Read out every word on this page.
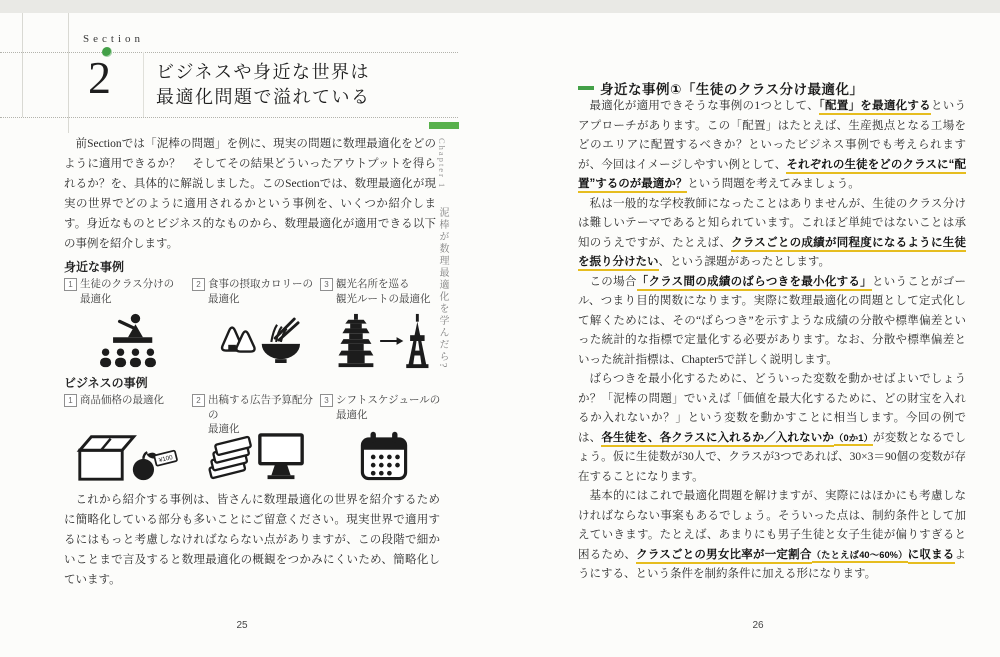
Section
2	ビジネスや身近な世界は
最適化問題で溢れている

前Sectionでは「泥棒の問題」を例に、現実の問題に数理最適化をどのように適用できるか？　そしてその結果どういったアウトプットを得られるか？を、具体的に解説しました。このSectionでは、数理最適化が現実の世界でどのように適用されるかという事例を、いくつか紹介します。身近なものとビジネス的なものから、数理最適化が適用できる以下の事例を紹介します。

身近な事例
1 生徒のクラス分けの
最適化
2 食事の摂取カロリーの
最適化
3 観光名所を巡る
観光ルートの最適化
ビジネスの事例
1 商品価格の最適化

¥100
2 出稿する広告予算配分の
最適化
3 シフトスケジュールの
最適化

これから紹介する事例は、皆さんに数理最適化の世界を紹介するために簡略化している部分も多いことにご留意ください。現実世界で適用するにはもっと考慮しなければならない点がありますが、この段階で細かいことまで言及すると数理最適化の概観をつかみにくいため、簡略化しています。

25
Chapter 1 泥棒が数理最適化を学んだら?
身近な事例①「生徒のクラス分け最適化」

最適化が適用できそうな事例の1つとして、「配置」を最適化するというアプローチがあります。この「配置」はたとえば、生産拠点となる工場をどのエリアに配置するべきか？といったビジネス事例でも考えられますが、今回はイメージしやすい例として、それぞれの生徒をどのクラスに“配置”するのが最適か？という問題を考えてみましょう。

私は一般的な学校教師になったことはありませんが、生徒のクラス分けは難しいテーマであると知られています。これほど単純ではないことは承知のうえですが、たとえば、クラスごとの成績が同程度になるように生徒を振り分けたい、という課題があったとします。

この場合「クラス間の成績のばらつきを最小化する」ということがゴール、つまり目的関数になります。実際に数理最適化の問題として定式化して解くためには、その“ばらつき”を示すような成績の分散や標準偏差といった統計的な指標で定量化する必要があります。なお、分散や標準偏差といった統計指標は、Chapter5で詳しく説明します。

ばらつきを最小化するために、どういった変数を動かせばよいでしょうか？「泥棒の問題」でいえば「価値を最大化するために、どの財宝を入れるか入れないか？」という変数を動かすことに相当します。今回の例では、各生徒を、各クラスに入れるか／入れないか（0か1）が変数となるでしょう。仮に生徒数が30人で、クラスが3つであれば、30×3＝90個の変数が存在することになります。

基本的にはこれで最適化問題を解けますが、実際にはほかにも考慮しなければならない事案もあるでしょう。そういった点は、制約条件として加えていきます。たとえば、あまりにも男子生徒と女子生徒が偏りすぎると困るため、クラスごとの男女比率が一定割合（たとえば40～60%）に収まるようにする、という条件を制約条件に加える形になります。

26
